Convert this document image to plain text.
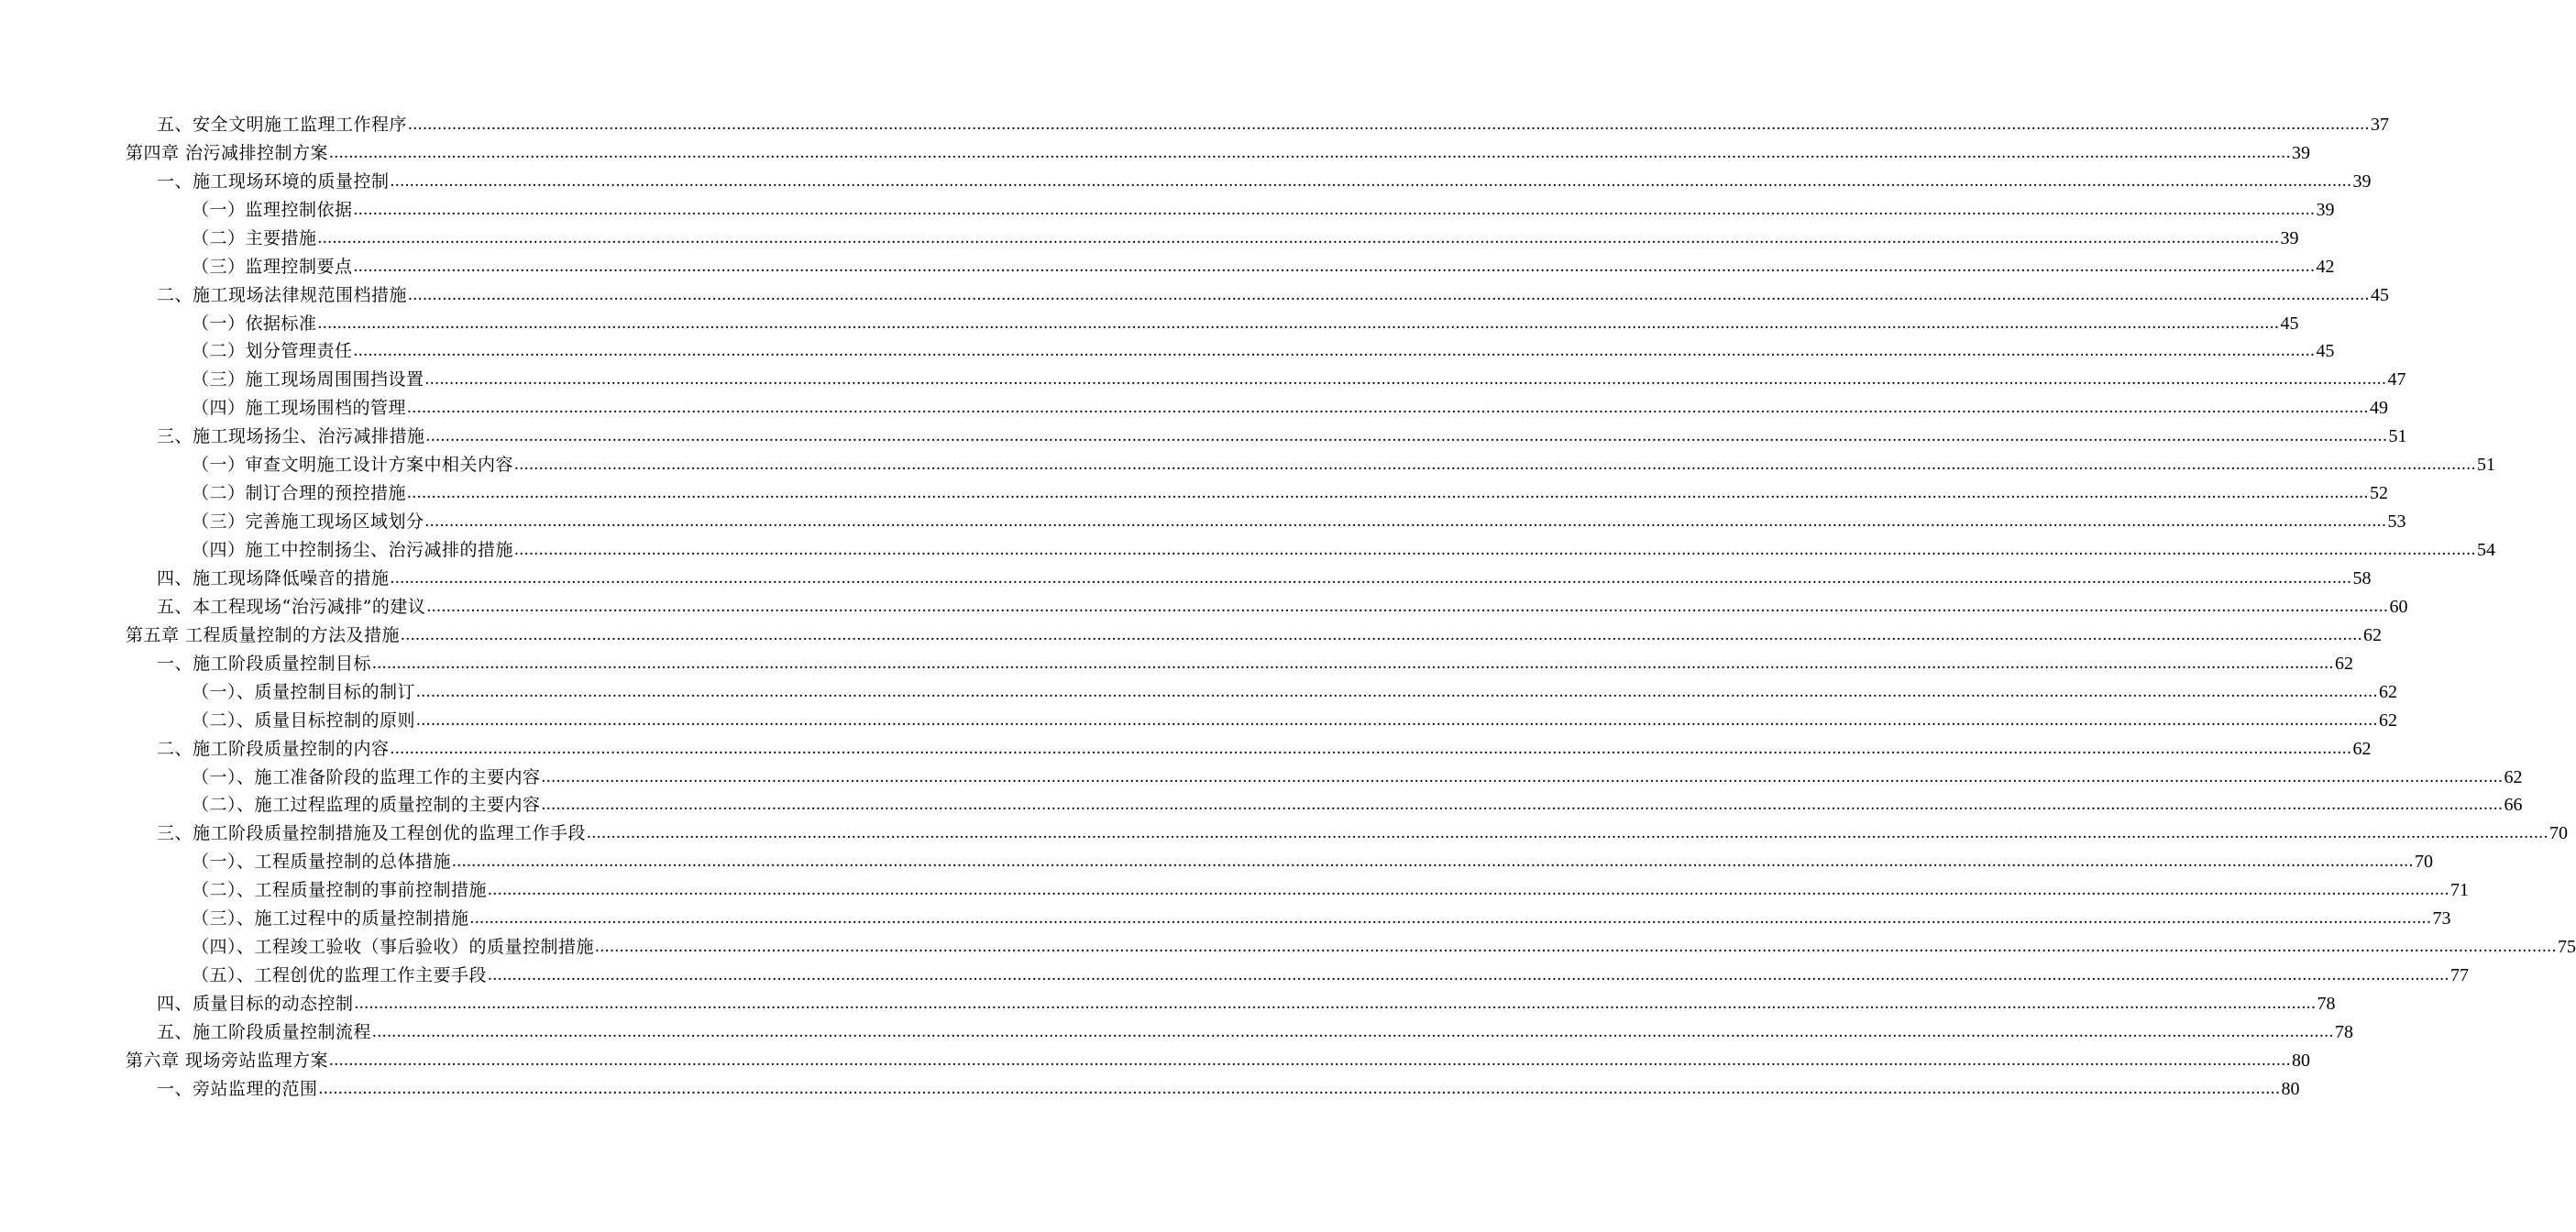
五、安全文明施工监理工作程序 ................................................................................................................................................................................................................................................................................................................................................................................................................ 37
第四章 治污减排控制方案 ................................................................................................................................................................................................................................................................................................................................................................................................................ 39
一、施工现场环境的质量控制 ................................................................................................................................................................................................................................................................................................................................................................................................................ 39
（一）监理控制依据 ................................................................................................................................................................................................................................................................................................................................................................................................................ 39
（二）主要措施 ................................................................................................................................................................................................................................................................................................................................................................................................................ 39
（三）监理控制要点 ................................................................................................................................................................................................................................................................................................................................................................................................................ 42
二、施工现场法律规范围档措施 ................................................................................................................................................................................................................................................................................................................................................................................................................ 45
（一）依据标准 ................................................................................................................................................................................................................................................................................................................................................................................................................ 45
（二）划分管理责任 ................................................................................................................................................................................................................................................................................................................................................................................................................ 45
（三）施工现场周围围挡设置 ................................................................................................................................................................................................................................................................................................................................................................................................................ 47
（四）施工现场围档的管理 ................................................................................................................................................................................................................................................................................................................................................................................................................ 49
三、施工现场扬尘、治污减排措施 ................................................................................................................................................................................................................................................................................................................................................................................................................ 51
（一）审查文明施工设计方案中相关内容 ................................................................................................................................................................................................................................................................................................................................................................................................................ 51
（二）制订合理的预控措施 ................................................................................................................................................................................................................................................................................................................................................................................................................ 52
（三）完善施工现场区域划分 ................................................................................................................................................................................................................................................................................................................................................................................................................ 53
（四）施工中控制扬尘、治污减排的措施 ................................................................................................................................................................................................................................................................................................................................................................................................................ 54
四、施工现场降低噪音的措施 ................................................................................................................................................................................................................................................................................................................................................................................................................ 58
五、本工程现场“治污减排”的建议 ................................................................................................................................................................................................................................................................................................................................................................................................................ 60
第五章 工程质量控制的方法及措施 ................................................................................................................................................................................................................................................................................................................................................................................................................ 62
一、施工阶段质量控制目标 ................................................................................................................................................................................................................................................................................................................................................................................................................ 62
（一）、质量控制目标的制订 ................................................................................................................................................................................................................................................................................................................................................................................................................ 62
（二）、质量目标控制的原则 ................................................................................................................................................................................................................................................................................................................................................................................................................ 62
二、施工阶段质量控制的内容 ................................................................................................................................................................................................................................................................................................................................................................................................................ 62
（一）、施工准备阶段的监理工作的主要内容 ................................................................................................................................................................................................................................................................................................................................................................................................................ 62
（二）、施工过程监理的质量控制的主要内容 ................................................................................................................................................................................................................................................................................................................................................................................................................ 66
三、施工阶段质量控制措施及工程创优的监理工作手段 ................................................................................................................................................................................................................................................................................................................................................................................................................ 70
（一）、工程质量控制的总体措施 ................................................................................................................................................................................................................................................................................................................................................................................................................ 70
（二）、工程质量控制的事前控制措施 ................................................................................................................................................................................................................................................................................................................................................................................................................ 71
（三）、施工过程中的质量控制措施 ................................................................................................................................................................................................................................................................................................................................................................................................................ 73
（四）、工程竣工验收（事后验收）的质量控制措施 ................................................................................................................................................................................................................................................................................................................................................................................................................ 75
（五）、工程创优的监理工作主要手段 ................................................................................................................................................................................................................................................................................................................................................................................................................ 77
四、质量目标的动态控制 ................................................................................................................................................................................................................................................................................................................................................................................................................ 78
五、施工阶段质量控制流程 ................................................................................................................................................................................................................................................................................................................................................................................................................ 78
第六章 现场旁站监理方案 ................................................................................................................................................................................................................................................................................................................................................................................................................ 80
一、旁站监理的范围 ................................................................................................................................................................................................................................................................................................................................................................................................................ 80
